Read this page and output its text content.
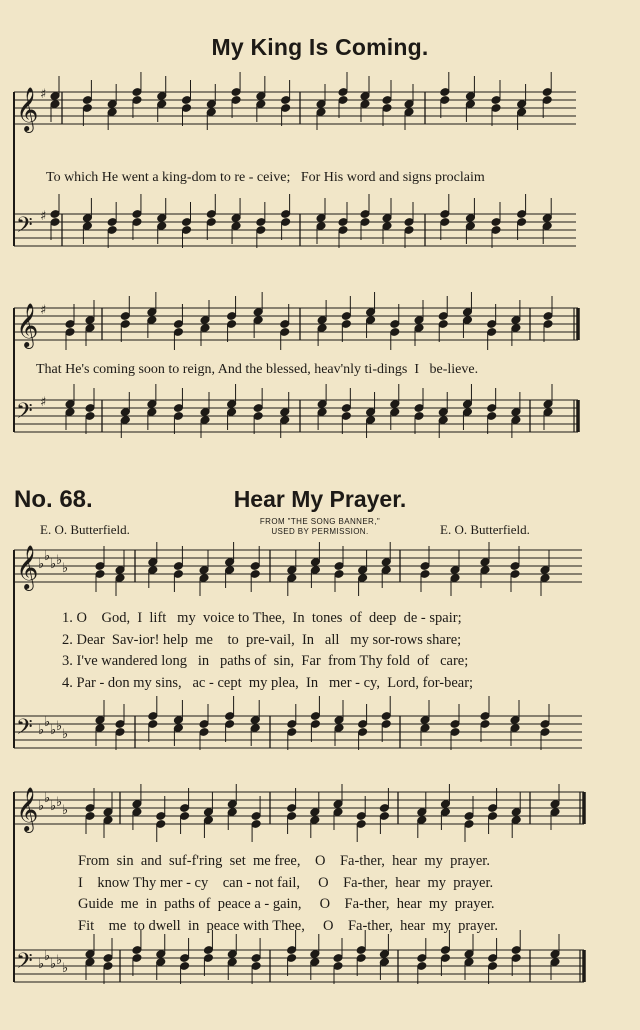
𝄞 ♯
𝄢 ♯
𝄞 ♯
𝄢 ♯
𝄞 ♭
♭
♭ ♭
♭
𝄢 ♭
♭
♭ ♭
♭
𝄞 ♭
♭
♭ ♭
♭
𝄢 ♭
♭
♭ ♭
♭
My King Is Coming.
To which He went a king-dom to re - ceive;   For His word and signs proclaim
That He's coming soon to reign, And the blessed, heav'nly ti-dings  I   be-lieve.
No. 68.	Hear My Prayer.
E. O. Butterfield.
FROM "THE SONG BANNER,"
USED BY PERMISSION.	E. O. Butterfield.
1. O    God,  I  lift   my  voice to Thee,  In  tones  of  deep  de - spair;
2. Dear  Sav-ior! help  me    to  pre-vail,  In   all   my sor-rows share;
3. I've wandered long   in   paths of  sin,  Far  from Thy fold  of   care;
4. Par - don my sins,   ac - cept  my plea,  In   mer - cy,  Lord, for-bear;
From  sin  and  suf-f'ring  set  me free,    O    Fa-ther,  hear  my  prayer.
I    know Thy mer - cy    can - not fail,     O    Fa-ther,  hear  my  prayer.
Guide  me  in  paths of  peace a - gain,     O    Fa-ther,  hear  my  prayer.
Fit    me  to dwell  in  peace with Thee,     O    Fa-ther,  hear  my  prayer.
